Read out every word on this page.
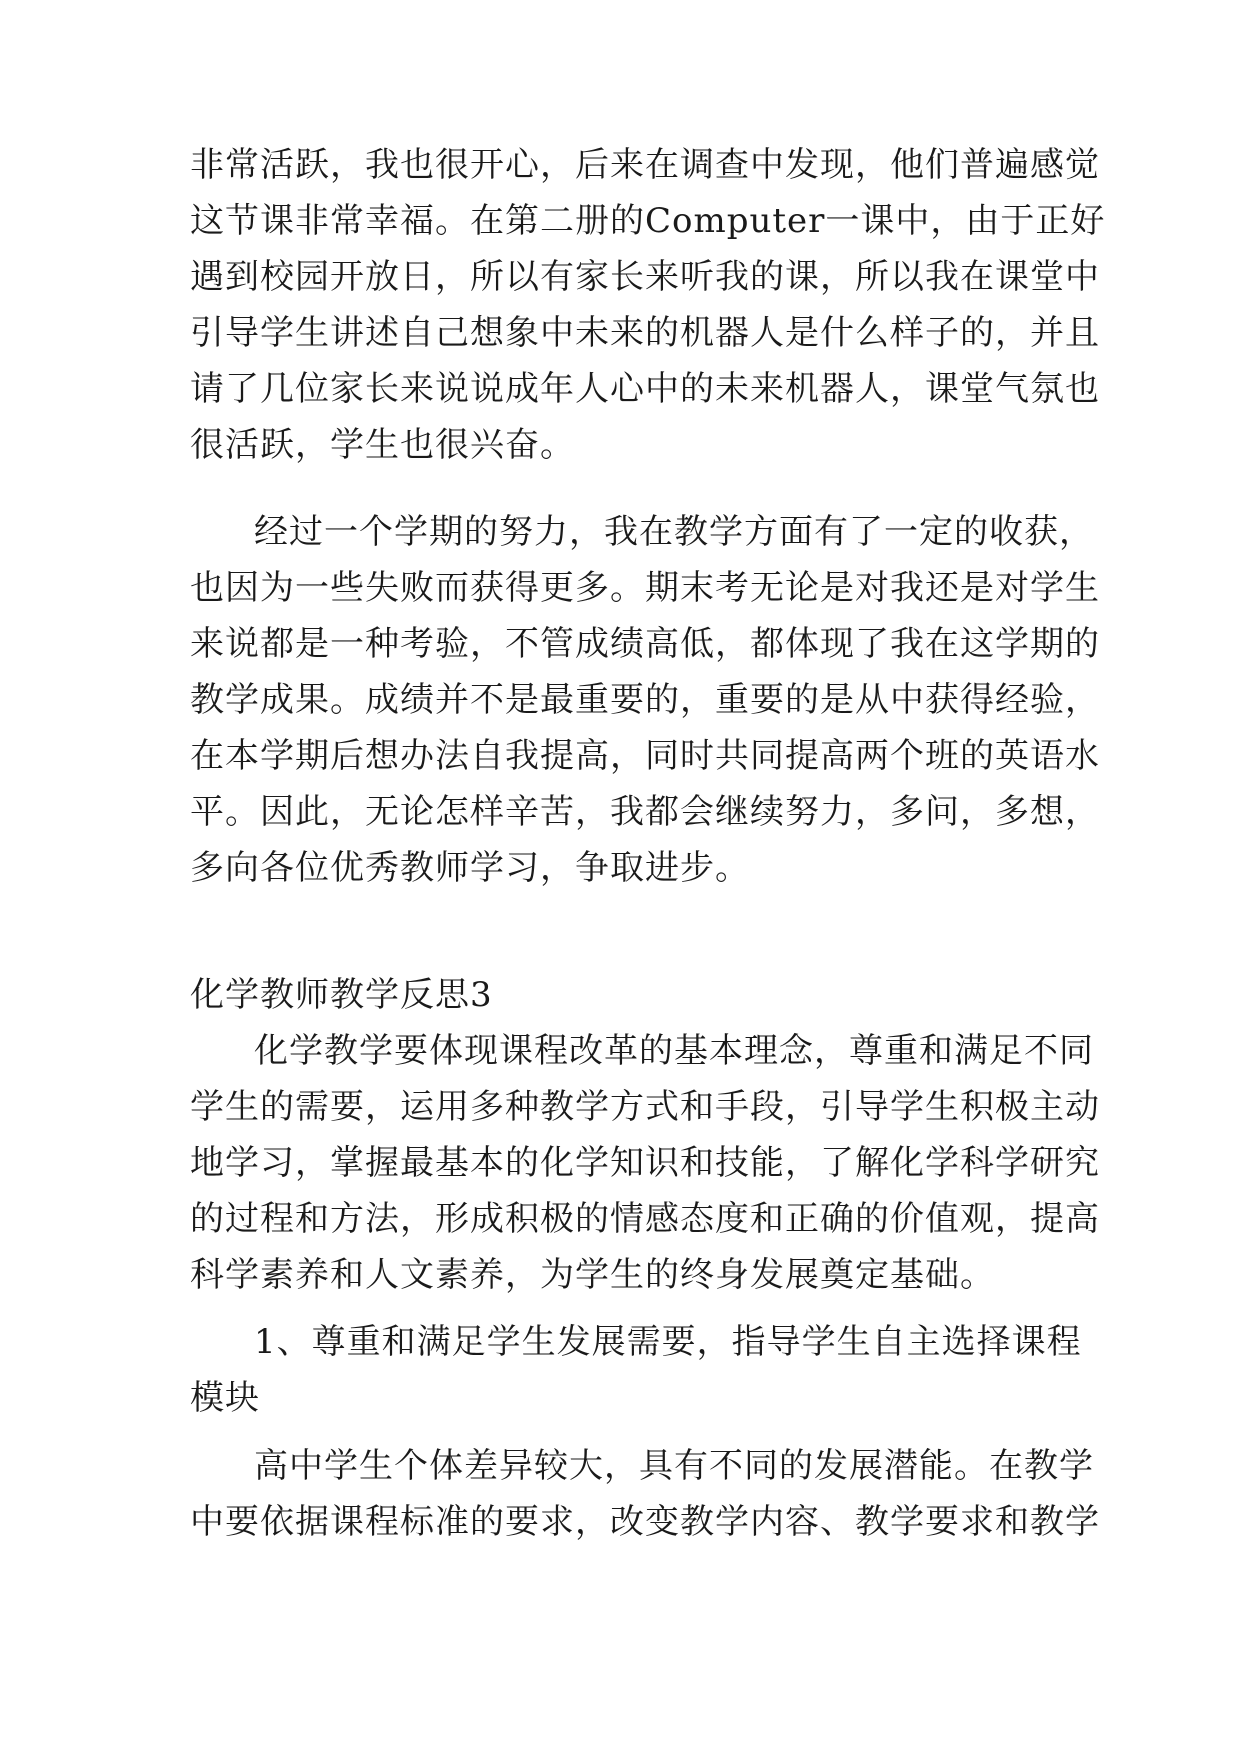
非常活跃，我也很开心，后来在调查中发现，他们普遍感觉
这节课非常幸福。在第二册的Computer一课中，由于正好
遇到校园开放日，所以有家长来听我的课，所以我在课堂中
引导学生讲述自己想象中未来的机器人是什么样子的，并且
请了几位家长来说说成年人心中的未来机器人，课堂气氛也
很活跃，学生也很兴奋。
经过一个学期的努力，我在教学方面有了一定的收获，
也因为一些失败而获得更多。期末考无论是对我还是对学生
来说都是一种考验，不管成绩高低，都体现了我在这学期的
教学成果。成绩并不是最重要的，重要的是从中获得经验，
在本学期后想办法自我提高，同时共同提高两个班的英语水
平。因此，无论怎样辛苦，我都会继续努力，多问，多想，
多向各位优秀教师学习，争取进步。
化学教师教学反思3
化学教学要体现课程改革的基本理念，尊重和满足不同
学生的需要，运用多种教学方式和手段，引导学生积极主动
地学习，掌握最基本的化学知识和技能，了解化学科学研究
的过程和方法，形成积极的情感态度和正确的价值观，提高
科学素养和人文素养，为学生的终身发展奠定基础。
1、尊重和满足学生发展需要，指导学生自主选择课程
模块
高中学生个体差异较大，具有不同的发展潜能。在教学
中要依据课程标准的要求，改变教学内容、教学要求和教学
